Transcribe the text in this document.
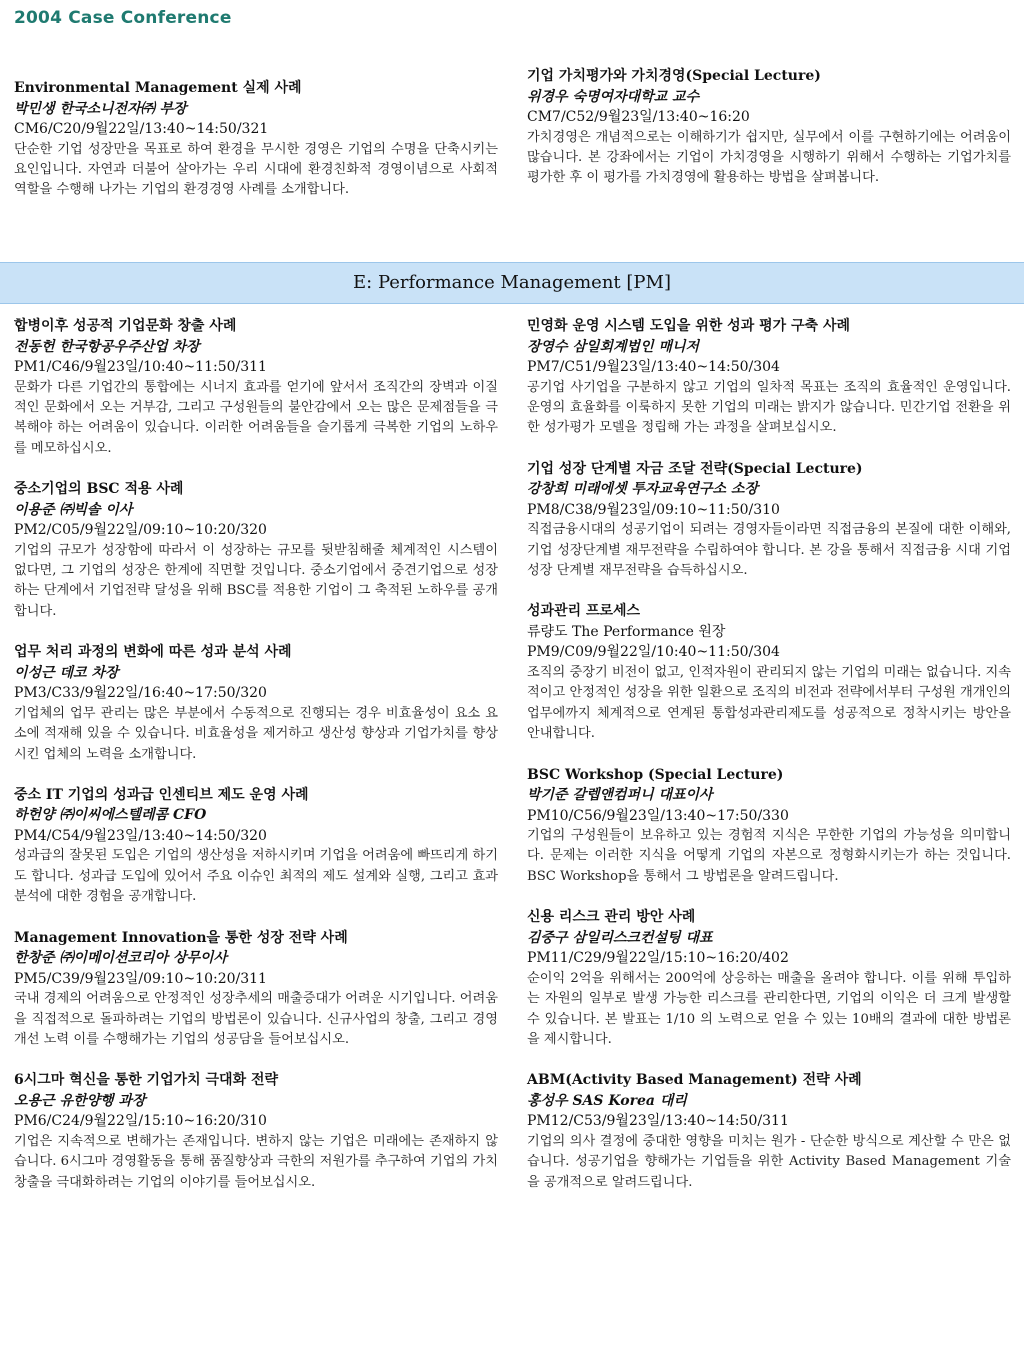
2004 Case Conference
Environmental Management 실제 사례
박민생 한국소니전자㈜ 부장
CM6/C20/9월22일/13:40~14:50/321
단순한 기업 성장만을 목표로 하여 환경을 무시한 경영은 기업의 수명을 단축시키는 요인입니다. 자연과 더불어 살아가는 우리 시대에 환경친화적 경영이념으로 사회적 역할을 수행해 나가는 기업의 환경경영 사례를 소개합니다.
기업 가치평가와 가치경영(Special Lecture)
위경우 숙명여자대학교 교수
CM7/C52/9월23일/13:40~16:20
가치경영은 개념적으로는 이해하기가 쉽지만, 실무에서 이를 구현하기에는 어려움이 많습니다. 본 강좌에서는 기업이 가치경영을 시행하기 위해서 수행하는 기업가치를 평가한 후 이 평가를 가치경영에 활용하는 방법을 살펴봅니다.
E: Performance Management [PM]
합병이후 성공적 기업문화 창출 사례
전동헌 한국항공우주산업 차장
PM1/C46/9월23일/10:40~11:50/311
문화가 다른 기업간의 통합에는 시너지 효과를 얻기에 앞서서 조직간의 장벽과 이질적인 문화에서 오는 거부감, 그리고 구성원들의 불안감에서 오는 많은 문제점들을 극복해야 하는 어려움이 있습니다. 이러한 어려움들을 슬기롭게 극복한 기업의 노하우를 메모하십시오.
중소기업의 BSC 적용 사례
이용준 ㈜빅솔 이사
PM2/C05/9월22일/09:10~10:20/320
기업의 규모가 성장함에 따라서 이 성장하는 규모를 뒷받침해줄 체계적인 시스템이 없다면, 그 기업의 성장은 한계에 직면할 것입니다. 중소기업에서 중견기업으로 성장하는 단계에서 기업전략 달성을 위해 BSC를 적용한 기업이 그 축적된 노하우를 공개합니다.
업무 처리 과정의 변화에 따른 성과 분석 사례
이성근 데코 차장
PM3/C33/9월22일/16:40~17:50/320
기업체의 업무 관리는 많은 부분에서 수동적으로 진행되는 경우 비효율성이 요소 요소에 적재해 있을 수 있습니다. 비효율성을 제거하고 생산성 향상과 기업가치를 향상시킨 업체의 노력을 소개합니다.
중소 IT 기업의 성과급 인센티브 제도 운영 사례
하헌양 ㈜이씨에스텔레콤 CFO
PM4/C54/9월23일/13:40~14:50/320
성과급의 잘못된 도입은 기업의 생산성을 저하시키며 기업을 어려움에 빠뜨리게 하기도 합니다. 성과급 도입에 있어서 주요 이슈인 최적의 제도 설계와 실행, 그리고 효과분석에 대한 경험을 공개합니다.
Management Innovation을 통한 성장 전략 사례
한창준 ㈜이메이션코리아 상무이사
PM5/C39/9월23일/09:10~10:20/311
국내 경제의 어려움으로 안정적인 성장추세의 매출증대가 어려운 시기입니다. 어려움을 직접적으로 돌파하려는 기업의 방법론이 있습니다. 신규사업의 창출, 그리고 경영개선 노력 이를 수행해가는 기업의 성공담을 들어보십시오.
6시그마 혁신을 통한 기업가치 극대화 전략
오용근 유한양행 과장
PM6/C24/9월22일/15:10~16:20/310
기업은 지속적으로 변해가는 존재입니다. 변하지 않는 기업은 미래에는 존재하지 않습니다. 6시그마 경영활동을 통해 품질향상과 극한의 저원가를 추구하여 기업의 가치 창출을 극대화하려는 기업의 이야기를 들어보십시오.
민영화 운영 시스템 도입을 위한 성과 평가 구축 사례
장영수 삼일회계법인 매니저
PM7/C51/9월23일/13:40~14:50/304
공기업 사기업을 구분하지 않고 기업의 일차적 목표는 조직의 효율적인 운영입니다. 운영의 효율화를 이룩하지 못한 기업의 미래는 밝지가 않습니다. 민간기업 전환을 위한 성가평가 모델을 정립해 가는 과정을 살펴보십시오.
기업 성장 단계별 자금 조달 전략(Special Lecture)
강창희 미래에셋 투자교육연구소 소장
PM8/C38/9월23일/09:10~11:50/310
직접금융시대의 성공기업이 되려는 경영자들이라면 직접금융의 본질에 대한 이해와, 기업 성장단계별 재무전략을 수립하여야 합니다. 본 강을 통해서 직접금융 시대 기업 성장 단계별 재무전략을 습득하십시오.
성과관리 프로세스
류량도 The Performance 원장
PM9/C09/9월22일/10:40~11:50/304
조직의 중장기 비전이 없고, 인적자원이 관리되지 않는 기업의 미래는 없습니다. 지속적이고 안정적인 성장을 위한 일환으로 조직의 비전과 전략에서부터 구성원 개개인의 업무에까지 체계적으로 연계된 통합성과관리제도를 성공적으로 정착시키는 방안을 안내합니다.
BSC Workshop (Special Lecture)
박기준 갈렙앤컴퍼니 대표이사
PM10/C56/9월23일/13:40~17:50/330
기업의 구성원들이 보유하고 있는 경험적 지식은 무한한 기업의 가능성을 의미합니다. 문제는 이러한 지식을 어떻게 기업의 자본으로 정형화시키는가 하는 것입니다. BSC Workshop을 통해서 그 방법론을 알려드립니다.
신용 리스크 관리 방안 사례
김중구 삼일리스크컨설팅 대표
PM11/C29/9월22일/15:10~16:20/402
순이익 2억을 위해서는 200억에 상응하는 매출을 올려야 합니다. 이를 위해 투입하는 자원의 일부로 발생 가능한 리스크를 관리한다면, 기업의 이익은 더 크게 발생할 수 있습니다. 본 발표는 1/10 의 노력으로 얻을 수 있는 10배의 결과에 대한 방법론을 제시합니다.
ABM(Activity Based Management) 전략 사례
홍성우 SAS Korea 대리
PM12/C53/9월23일/13:40~14:50/311
기업의 의사 결정에 중대한 영향을 미치는 원가 - 단순한 방식으로 계산할 수 만은 없습니다. 성공기업을 향해가는 기업들을 위한 Activity Based Management 기술을 공개적으로 알려드립니다.
